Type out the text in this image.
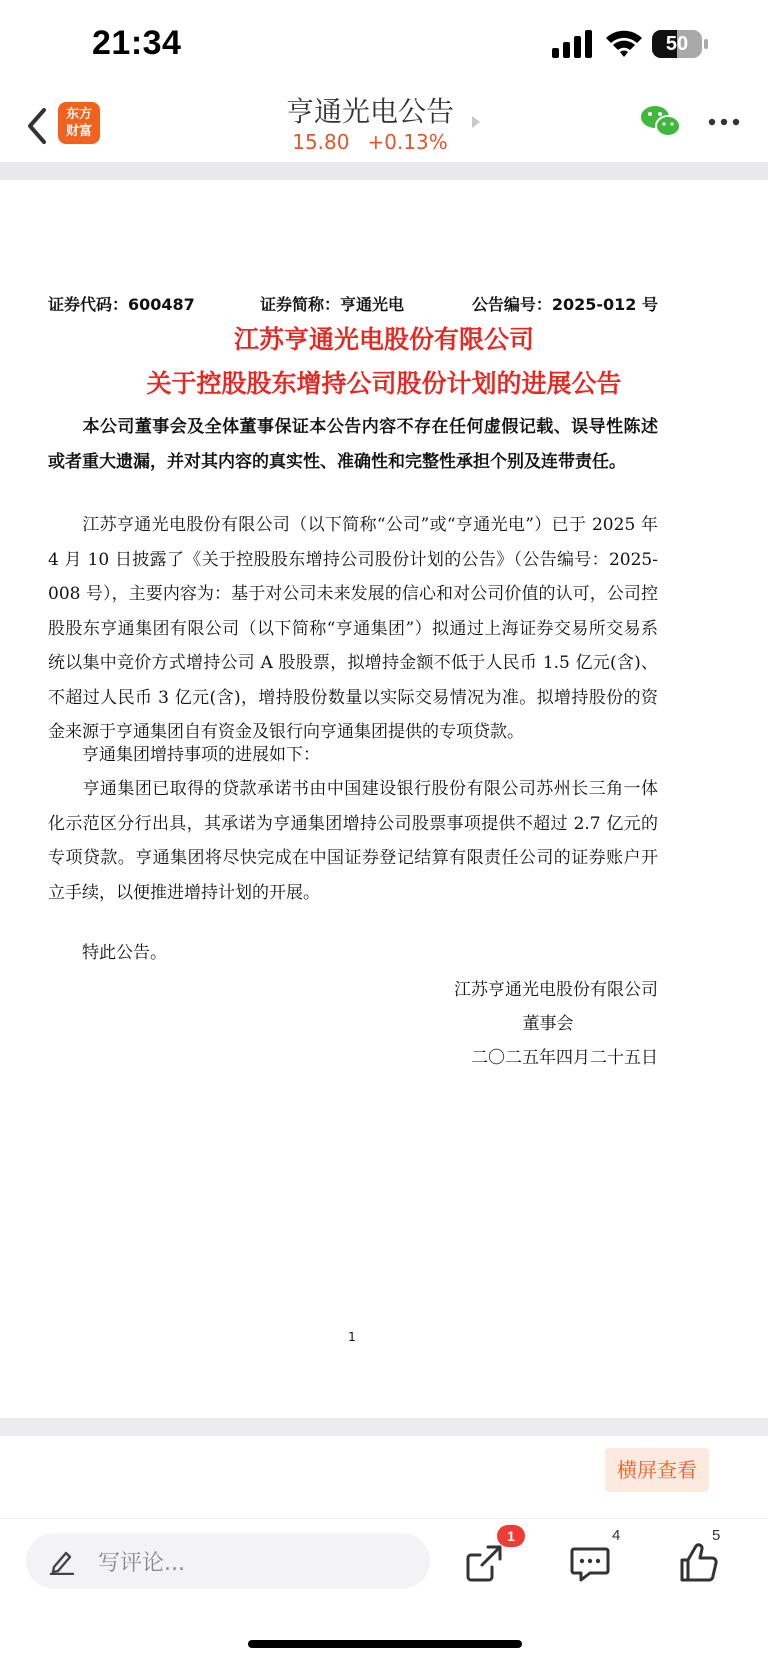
21:34	50
东方
财富
亨通光电公告
15.80 +0.13%
证券代码：600487	证券简称：亨通光电	公告编号：2025-012 号
江苏亨通光电股份有限公司
关于控股股东增持公司股份计划的进展公告
本公司董事会及全体董事保证本公告内容不存在任何虚假记载、误导性陈述或者重大遗漏，并对其内容的真实性、准确性和完整性承担个别及连带责任。
江苏亨通光电股份有限公司（以下简称“公司”或“亨通光电”）已于 2025 年 4 月 10 日披露了《关于控股股东增持公司股份计划的公告》（公告编号：2025-008 号），主要内容为：基于对公司未来发展的信心和对公司价值的认可，公司控股股东亨通集团有限公司（以下简称“亨通集团”）拟通过上海证券交易所交易系统以集中竞价方式增持公司 A 股股票，拟增持金额不低于人民币 1.5 亿元(含)、不超过人民币 3 亿元(含)，增持股份数量以实际交易情况为准。拟增持股份的资金来源于亨通集团自有资金及银行向亨通集团提供的专项贷款。
亨通集团增持事项的进展如下：
亨通集团已取得的贷款承诺书由中国建设银行股份有限公司苏州长三角一体化示范区分行出具，其承诺为亨通集团增持公司股票事项提供不超过 2.7 亿元的专项贷款。亨通集团将尽快完成在中国证券登记结算有限责任公司的证券账户开立手续，以便推进增持计划的开展。
特此公告。
江苏亨通光电股份有限公司
董事会
二〇二五年四月二十五日
1
横屏查看
写评论...
1	4	5
